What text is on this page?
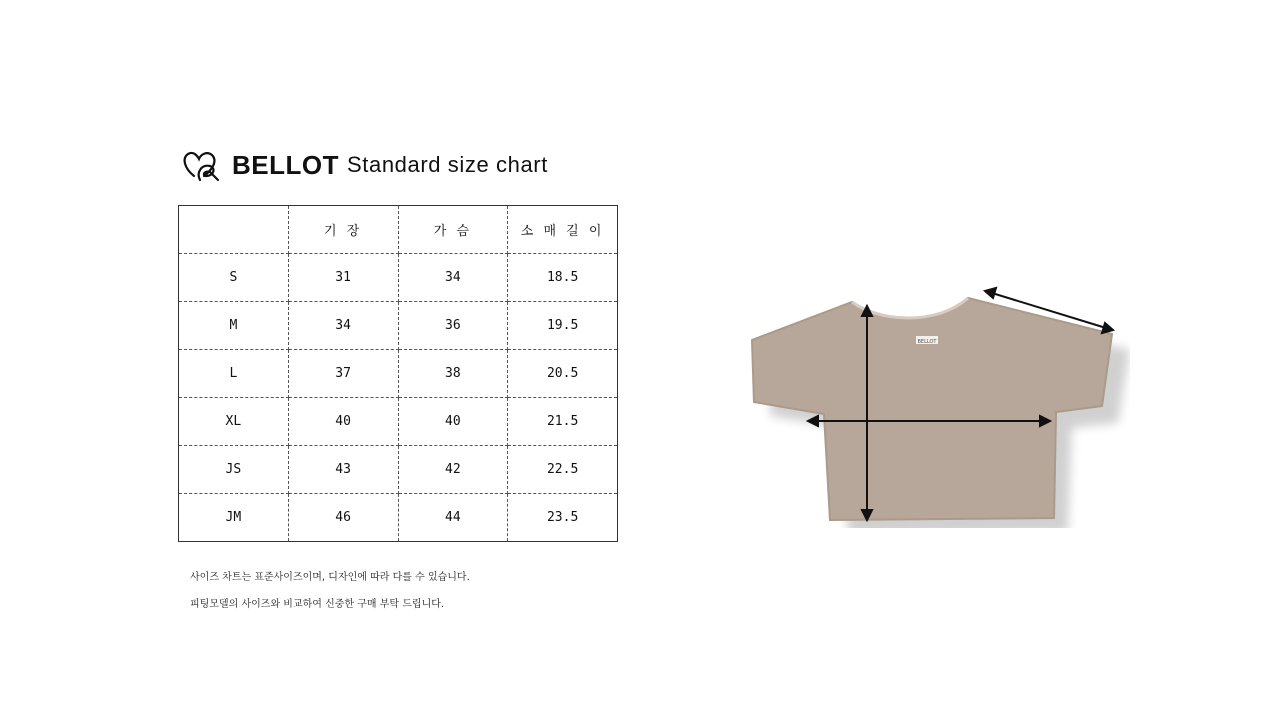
BELLOT Standard size chart
	기 장	가 슴	소 매 길 이
S	31	34	18.5
M	34	36	19.5
L	37	38	20.5
XL	40	40	21.5
JS	43	42	22.5
JM	46	44	23.5
사이즈 차트는 표준사이즈이며, 디자인에 따라 다를 수 있습니다.
피팅모델의 사이즈와 비교하여 신중한 구매 부탁 드립니다.
BELLOT
